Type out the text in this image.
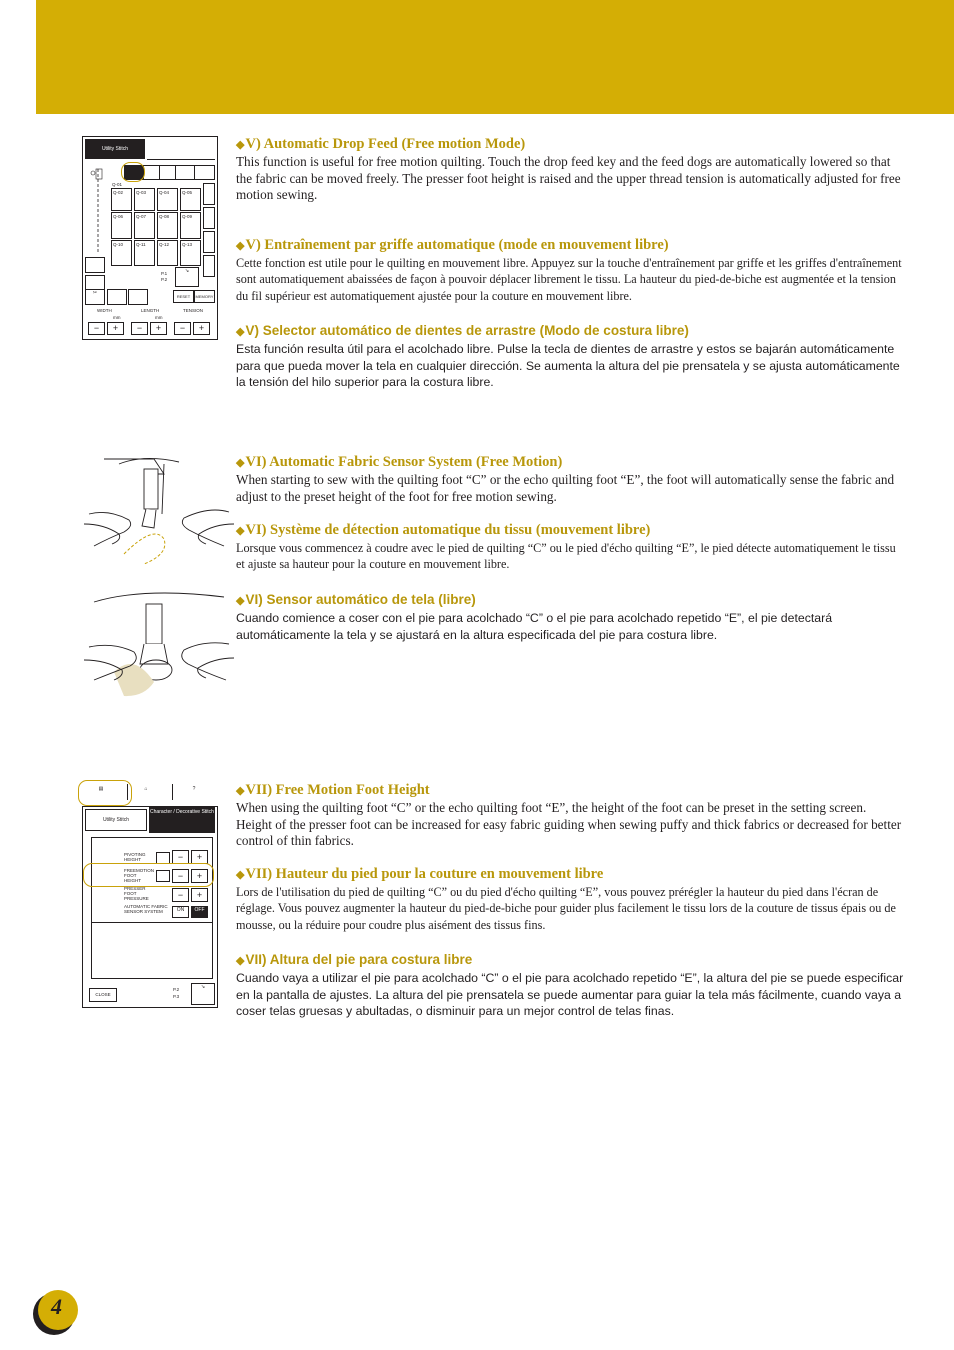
Utility Stitch
Q-01
Q-02	Q-03	Q-04	Q-05
Q-06	Q-07	Q-08	Q-09
Q-10	Q-11	Q-12	Q-13
✂
P.1
P.2
↘
RESET	MEMORY
WIDTH	LENGTH	TENSION
mm	mm
−	+	−	+	−	+

◆V) Automatic Drop Feed (Free motion Mode)

This function is useful for free motion quilting. Touch the drop feed key and the feed dogs are automatically lowered so that the fabric can be moved freely. The presser foot height is raised and the upper thread tension is automatically adjusted for free motion sewing.

◆V) Entraînement par griffe automatique (mode en mouvement libre)

Cette fonction est utile pour le quilting en mouvement libre. Appuyez sur la touche d'entraînement par griffe et les griffes d'entraînement sont automatiquement abaissées de façon à pouvoir déplacer librement le tissu. La hauteur du pied-de-biche est augmentée et la tension du fil supérieur est automatiquement ajustée pour la couture en mouvement libre.

◆V) Selector automático de dientes de arrastre (Modo de costura libre)

Esta función resulta útil para el acolchado libre. Pulse la tecla de dientes de arrastre y estos se bajarán automáticamente para que pueda mover la tela en cualquier dirección. Se aumenta la altura del pie prensatela y se ajusta automáticamente la tensión del hilo superior para la costura libre.

◆VI) Automatic Fabric Sensor System (Free Motion)

When starting to sew with the quilting foot “C” or the echo quilting foot “E”, the foot will automatically sense the fabric and adjust to the preset height of the foot for free motion sewing.

◆VI) Système de détection automatique du tissu (mouvement libre)

Lorsque vous commencez à coudre avec le pied de quilting “C” ou le pied d'écho quilting “E”, le pied détecte automatiquement le tissu et ajuste sa hauteur pour la couture en mouvement libre.

◆VI) Sensor automático de tela (libre)

Cuando comience a coser con el pie para acolchado “C” o el pie para acolchado repetido “E”, el pie detectará automáticamente la tela y se ajustará en la altura especificada del pie para costura libre.

▤	⌂	?
Utility Stitch
Character / Decorative Stitch
PIVOTING HEIGHT	−	+
FREEMOTION FOOT HEIGHT	−	+
PRESSER FOOT PRESSURE	−	+
AUTOMATIC FABRIC SENSOR SYSTEM	ON	OFF
CLOSE
P.2
P.3
↘

◆VII) Free Motion Foot Height

When using the quilting foot “C” or the echo quilting foot “E”, the height of the foot can be preset in the setting screen. Height of the presser foot can be increased for easy fabric guiding when sewing puffy and thick fabrics or decreased for better control of thin fabrics.

◆VII) Hauteur du pied pour la couture en mouvement libre

Lors de l'utilisation du pied de quilting “C” ou du pied d'écho quilting “E”, vous pouvez prérégler la hauteur du pied dans l'écran de réglage. Vous pouvez augmenter la hauteur du pied-de-biche pour guider plus facilement le tissu lors de la couture de tissus épais ou de mousse, ou la réduire pour coudre plus aisément des tissus fins.

◆VII) Altura del pie para costura libre

Cuando vaya a utilizar el pie para acolchado “C” o el pie para acolchado repetido “E”, la altura del pie se puede especificar en la pantalla de ajustes. La altura del pie prensatela se puede aumentar para guiar la tela más fácilmente, cuando vaya a coser telas gruesas y abultadas, o disminuir para un mejor control de telas finas.

4
